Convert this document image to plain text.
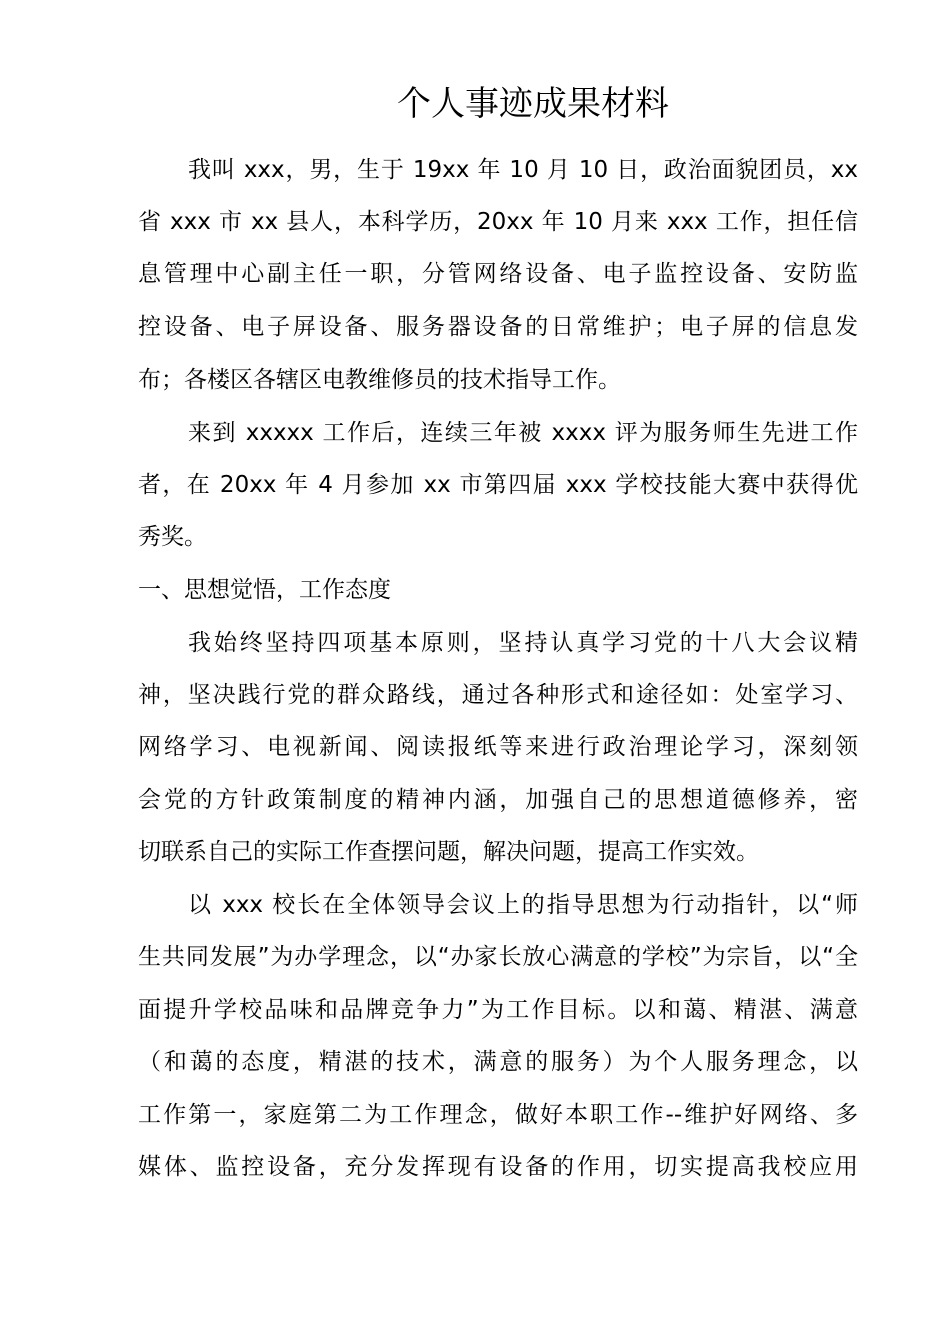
个人事迹成果材料
我叫 xxx，男，生于 19xx 年 10 月 10 日，政治面貌团员，xx
省 xxx 市 xx 县人，本科学历，20xx 年 10 月来 xxx 工作，担任信
息管理中心副主任一职，分管网络设备、电子监控设备、安防监
控设备、电子屏设备、服务器设备的日常维护；电子屏的信息发
布；各楼区各辖区电教维修员的技术指导工作。
来到 xxxxx 工作后，连续三年被 xxxx 评为服务师生先进工作
者，在 20xx 年 4 月参加 xx 市第四届 xxx 学校技能大赛中获得优
秀奖。
一、思想觉悟，工作态度
我始终坚持四项基本原则，坚持认真学习党的十八大会议精
神，坚决践行党的群众路线，通过各种形式和途径如：处室学习、
网络学习、电视新闻、阅读报纸等来进行政治理论学习，深刻领
会党的方针政策制度的精神内涵，加强自己的思想道德修养，密
切联系自己的实际工作查摆问题，解决问题，提高工作实效。
以 xxx 校长在全体领导会议上的指导思想为行动指针，以“师
生共同发展”为办学理念，以“办家长放心满意的学校”为宗旨，以“全
面提升学校品味和品牌竞争力”为工作目标。以和蔼、精湛、满意
（和蔼的态度，精湛的技术，满意的服务）为个人服务理念，以
工作第一，家庭第二为工作理念，做好本职工作--维护好网络、多
媒体、监控设备，充分发挥现有设备的作用，切实提高我校应用
